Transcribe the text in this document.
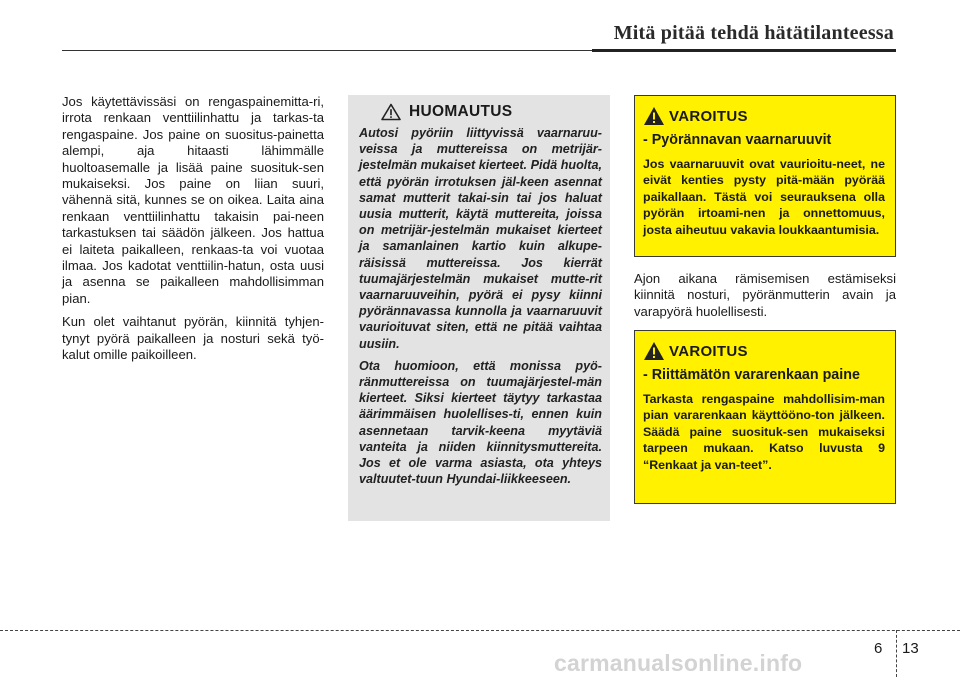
Mitä pitää tehdä hätätilanteessa

Jos käytettävissäsi on rengaspainemitta-ri, irrota renkaan venttiilinhattu ja tarkas-ta rengaspaine. Jos paine on suositus-painetta alempi, aja hitaasti lähimmälle huoltoasemalle ja lisää paine suosituk-sen mukaiseksi. Jos paine on liian suuri, vähennä sitä, kunnes se on oikea. Laita aina renkaan venttiilinhattu takaisin pai-neen tarkastuksen tai säädön jälkeen. Jos hattua ei laiteta paikalleen, renkaas-ta voi vuotaa ilmaa. Jos kadotat venttiilin-hatun, osta uusi ja asenna se paikalleen mahdollisimman pian.

Kun olet vaihtanut pyörän, kiinnitä tyhjen-tynyt pyörä paikalleen ja nosturi sekä työ-kalut omille paikoilleen.

HUOMAUTUS

Autosi pyöriin liittyvissä vaarnaruu-veissa ja muttereissa on metrijär-jestelmän mukaiset kierteet. Pidä huolta, että pyörän irrotuksen jäl-keen asennat samat mutterit takai-sin tai jos haluat uusia mutterit, käytä muttereita, joissa on metrijär-jestelmän mukaiset kierteet ja samanlainen kartio kuin alkupe-räisissä muttereissa. Jos kierrät tuumajärjestelmän mukaiset mutte-rit vaarnaruuveihin, pyörä ei pysy kiinni pyörännavassa kunnolla ja vaarnaruuvit vaurioituvat siten, että ne pitää vaihtaa uusiin.

Ota huomioon, että monissa pyö-ränmuttereissa on tuumajärjestel-män kierteet. Siksi kierteet täytyy tarkastaa äärimmäisen huolellises-ti, ennen kuin asennetaan tarvik-keena myytäviä vanteita ja niiden kiinnitysmuttereita. Jos et ole varma asiasta, ota yhteys valtuutet-tuun Hyundai-liikkeeseen.

VAROITUS

- Pyörännavan vaarnaruuvit

Jos vaarnaruuvit ovat vaurioitu-neet, ne eivät kenties pysty pitä-mään pyörää paikallaan. Tästä voi seurauksena olla pyörän irtoami-nen ja onnettomuus, josta aiheutuu vakavia loukkaantumisia.

Ajon aikana rämisemisen estämiseksi kiinnitä nosturi, pyöränmutterin avain ja varapyörä huolellisesti.

VAROITUS

- Riittämätön vararenkaan paine

Tarkasta rengaspaine mahdollisim-man pian vararenkaan käyttöönо-ton jälkeen. Säädä paine suosituk-sen mukaiseksi tarpeen mukaan. Katso luvusta 9 “Renkaat ja van-teet”.

6 13
carmanualsonline.info
